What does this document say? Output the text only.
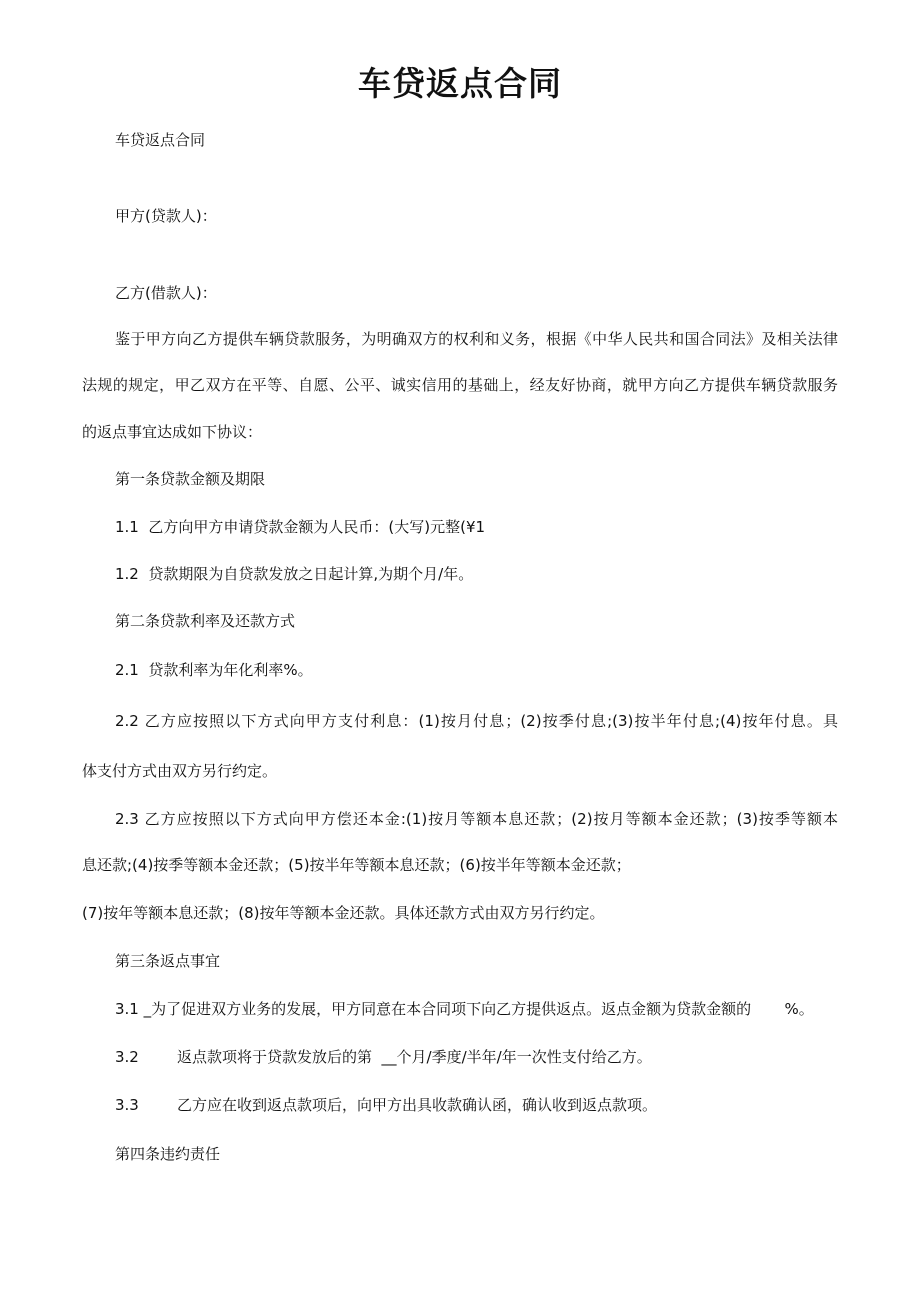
车贷返点合同
车贷返点合同
甲方(贷款人)：
乙方(借款人)：
鉴于甲方向乙方提供车辆贷款服务，为明确双方的权利和义务，根据《中华人民共和国合同法》及相关法律
法规的规定，甲乙双方在平等、自愿、公平、诚实信用的基础上，经友好协商，就甲方向乙方提供车辆贷款服务
的返点事宜达成如下协议：
第一条贷款金额及期限
1.1  乙方向甲方申请贷款金额为人民币：(大写)元整(¥1
1.2  贷款期限为自贷款发放之日起计算,为期个月/年。
第二条贷款利率及还款方式
2.1  贷款利率为年化利率%。
2.2 乙方应按照以下方式向甲方支付利息：(1)按月付息；(2)按季付息;(3)按半年付息;(4)按年付息。具
体支付方式由双方另行约定。
2.3 乙方应按照以下方式向甲方偿还本金:(1)按月等额本息还款；(2)按月等额本金还款；(3)按季等额本
息还款;(4)按季等额本金还款；(5)按半年等额本息还款；(6)按半年等额本金还款；
(7)按年等额本息还款；(8)按年等额本金还款。具体还款方式由双方另行约定。
第三条返点事宜
3.1 _为了促进双方业务的发展，甲方同意在本合同项下向乙方提供返点。返点金额为贷款金额的       %。
3.2        返点款项将于贷款发放后的第  __个月/季度/半年/年一次性支付给乙方。
3.3        乙方应在收到返点款项后，向甲方出具收款确认函，确认收到返点款项。
第四条违约责任
